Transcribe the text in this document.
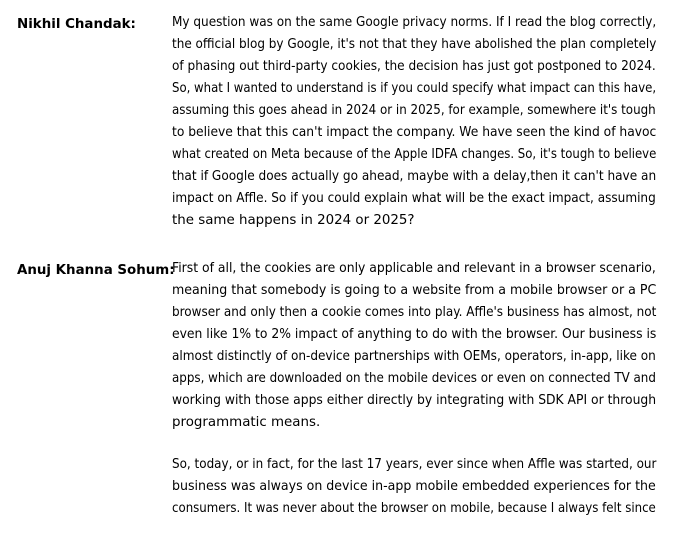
Nikhil Chandak:	My question was on the same Google privacy norms. If I read the blog correctly,
the official blog by Google, it's not that they have abolished the plan completely
of phasing out third-party cookies, the decision has just got postponed to 2024.
So, what I wanted to understand is if you could specify what impact can this have,
assuming this goes ahead in 2024 or in 2025, for example, somewhere it's tough
to believe that this can't impact the company. We have seen the kind of havoc
what created on Meta because of the Apple IDFA changes. So, it's tough to believe
that if Google does actually go ahead, maybe with a delay,then it can't have an
impact on Affle. So if you could explain what will be the exact impact, assuming
the same happens in 2024 or 2025?
Anuj Khanna Sohum:
First of all, the cookies are only applicable and relevant in a browser scenario,
meaning that somebody is going to a website from a mobile browser or a PC
browser and only then a cookie comes into play. Affle's business has almost, not
even like 1% to 2% impact of anything to do with the browser. Our business is
almost distinctly of on-device partnerships with OEMs, operators, in-app, like on
apps, which are downloaded on the mobile devices or even on connected TV and
working with those apps either directly by integrating with SDK API or through
programmatic means.
So, today, or in fact, for the last 17 years, ever since when Affle was started, our
business was always on device in-app mobile embedded experiences for the
consumers. It was never about the browser on mobile, because I always felt since
